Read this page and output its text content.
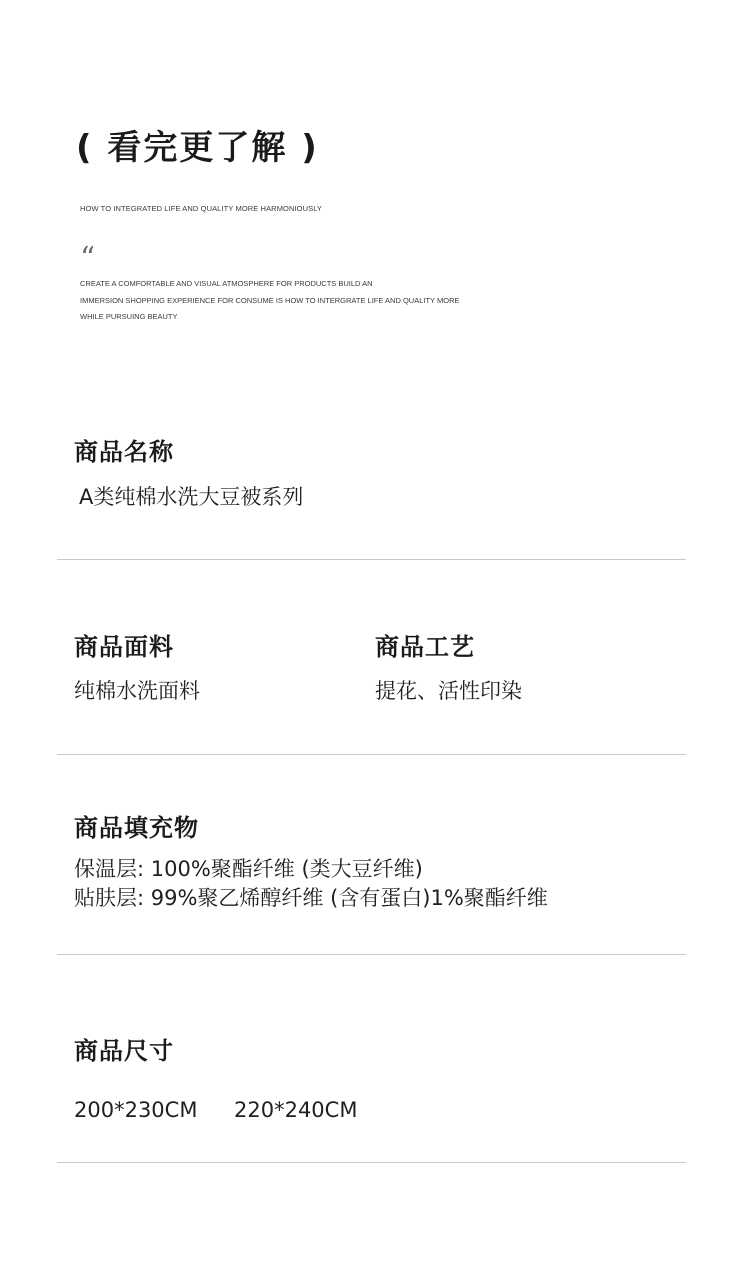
( 看完更了解 )
HOW TO INTEGRATED LIFE AND QUALITY MORE HARMONIOUSLY
“
CREATE A COMFORTABLE AND VISUAL ATMOSPHERE FOR PRODUCTS BUILD AN
IMMERSION SHOPPING EXPERIENCE FOR CONSUME IS HOW TO INTERGRATE LIFE AND QUALITY MORE
WHILE PURSUING BEAUTY
商品名称
A类纯棉水洗大豆被系列
商品面料
纯棉水洗面料
商品工艺
提花、活性印染
商品填充物
保温层: 100%聚酯纤维 (类大豆纤维)
贴肤层: 99%聚乙烯醇纤维 (含有蛋白)1%聚酯纤维
商品尺寸
200*230CM 220*240CM
